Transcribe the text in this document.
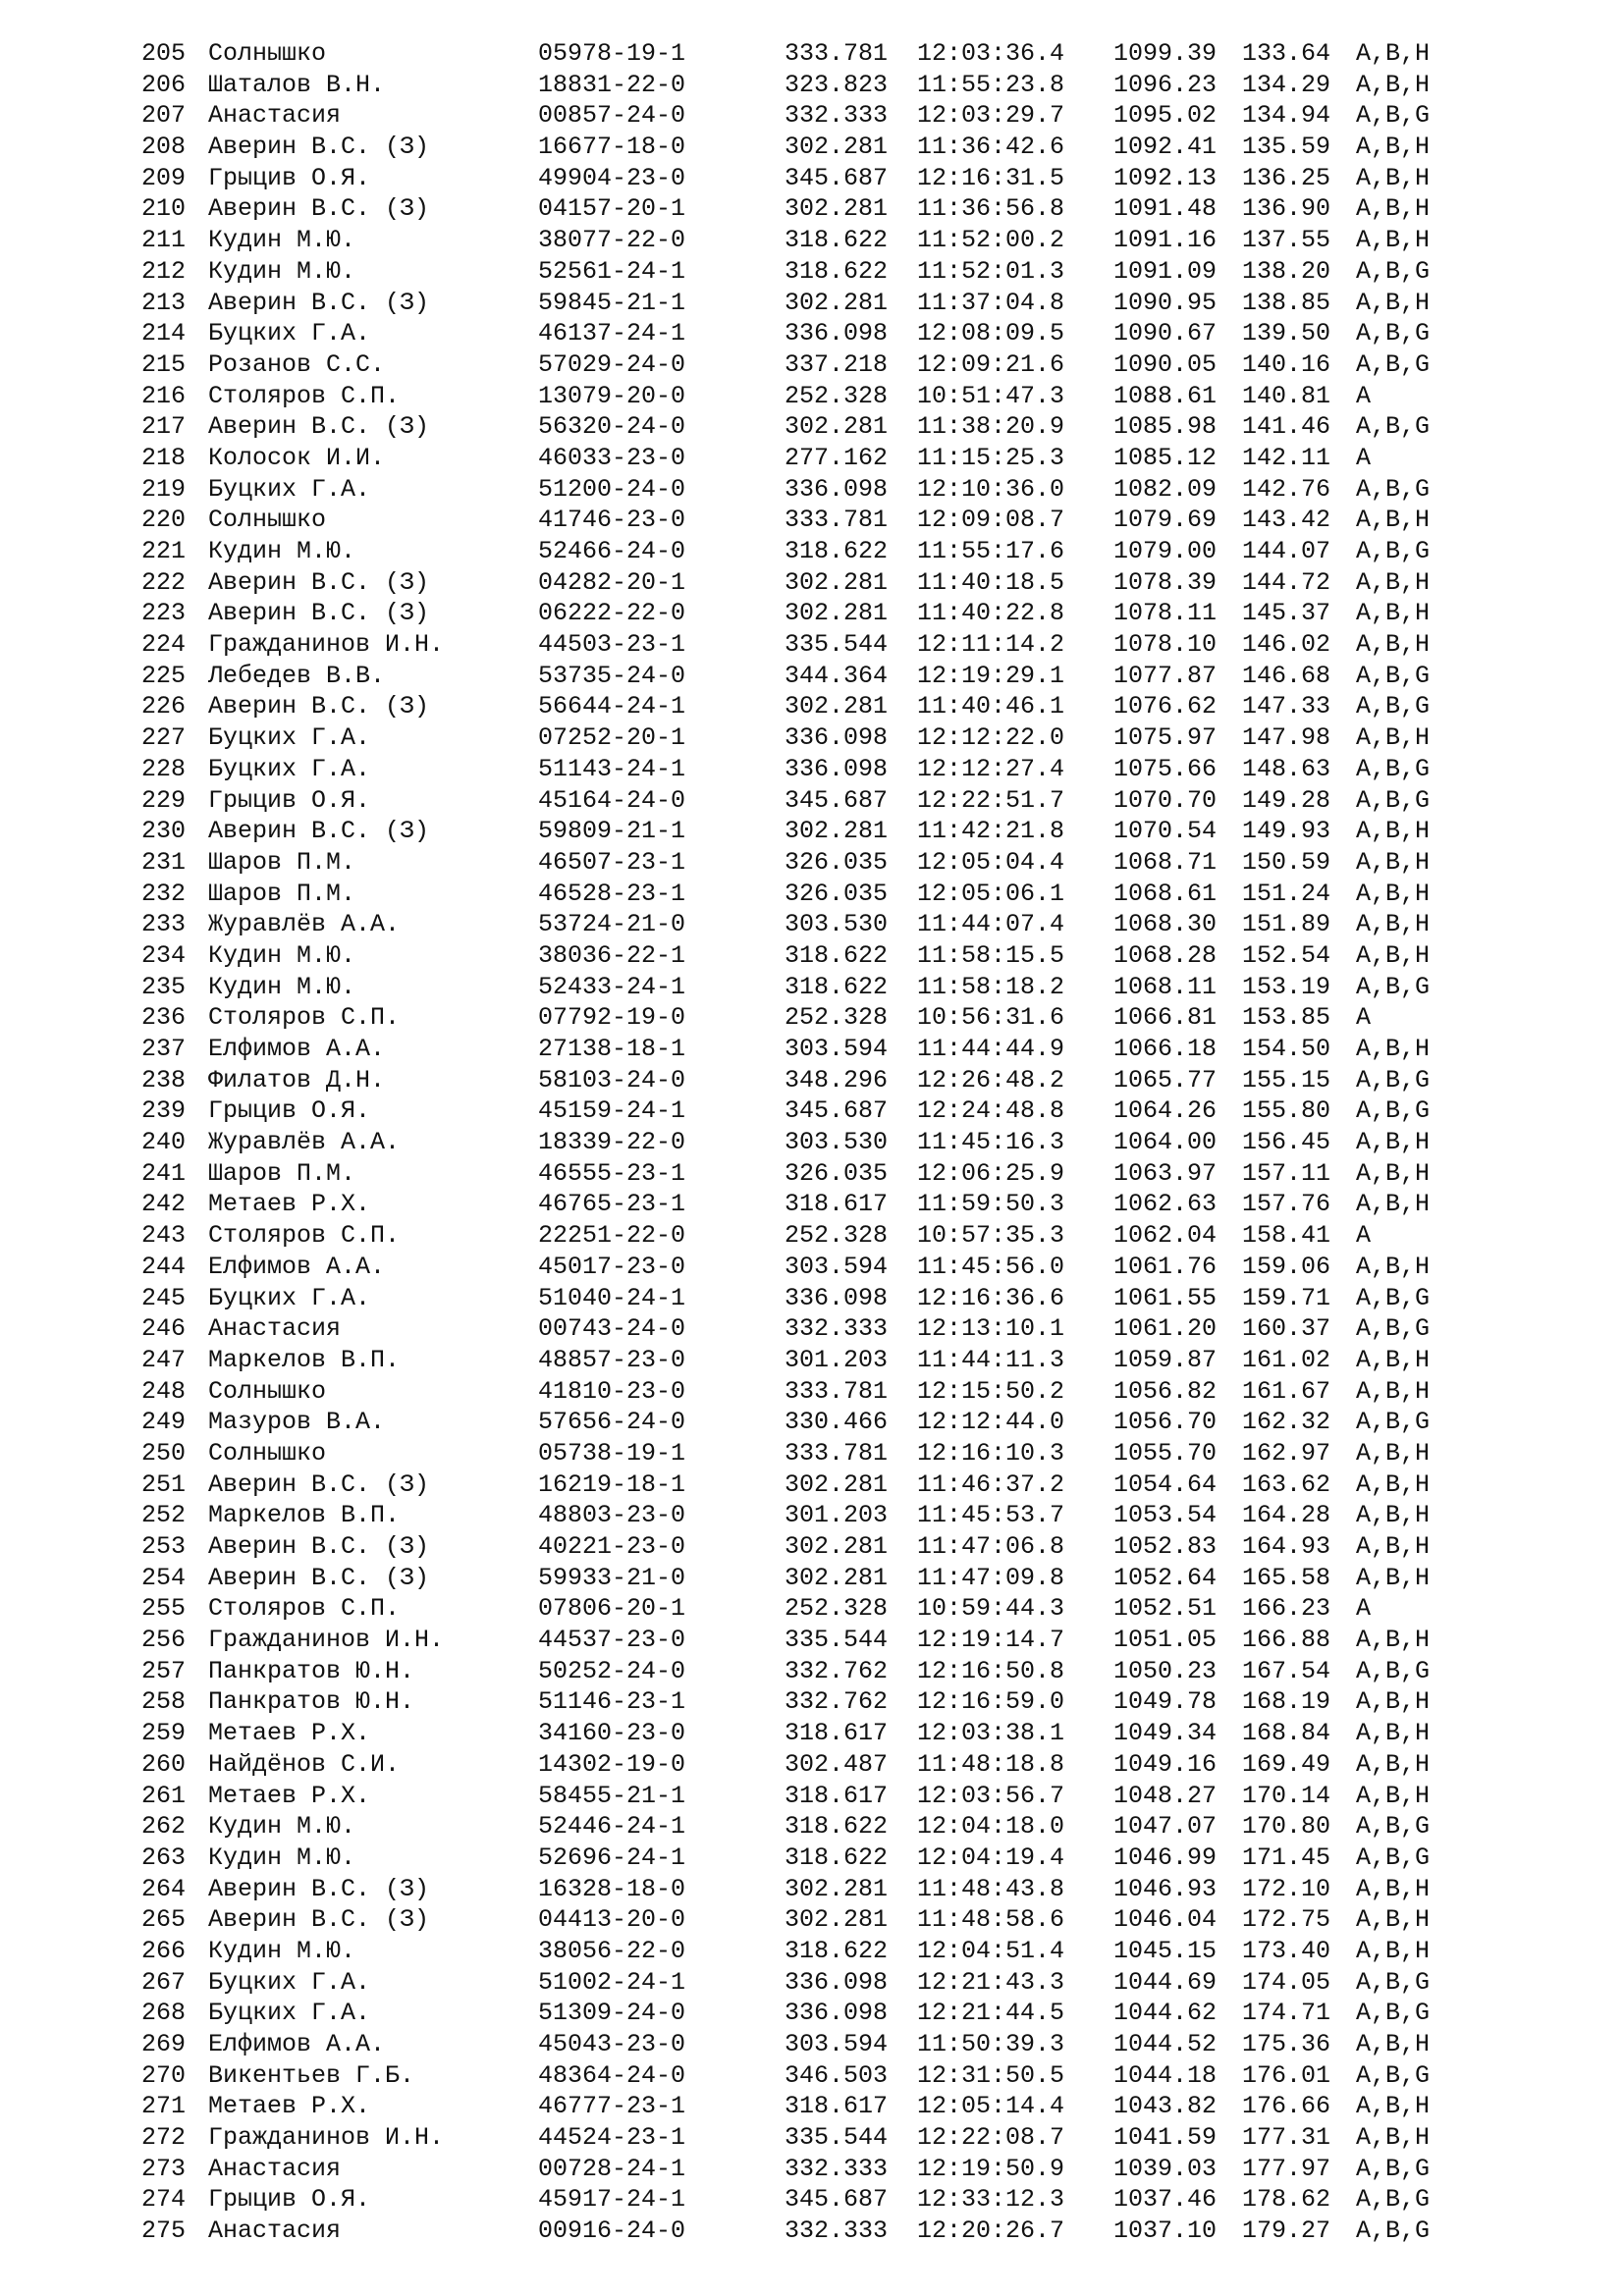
205 Солнышко	05978-19-1	333.781 12:03:36.4 1099.39 133.64 A,B,H
206 Шаталов В.Н.	18831-22-0	323.823 11:55:23.8 1096.23 134.29 A,B,H
207 Анастасия	00857-24-0	332.333 12:03:29.7 1095.02 134.94 A,B,G
208 Аверин В.С. (З)	16677-18-0	302.281 11:36:42.6 1092.41 135.59 A,B,H
209 Грыцив О.Я.	49904-23-0	345.687 12:16:31.5 1092.13 136.25 A,B,H
210 Аверин В.С. (З)	04157-20-1	302.281 11:36:56.8 1091.48 136.90 A,B,H
211 Кудин М.Ю.	38077-22-0	318.622 11:52:00.2 1091.16 137.55 A,B,H
212 Кудин М.Ю.	52561-24-1	318.622 11:52:01.3 1091.09 138.20 A,B,G
213 Аверин В.С. (З)	59845-21-1	302.281 11:37:04.8 1090.95 138.85 A,B,H
214 Буцких Г.А.	46137-24-1	336.098 12:08:09.5 1090.67 139.50 A,B,G
215 Розанов С.С.	57029-24-0	337.218 12:09:21.6 1090.05 140.16 A,B,G
216 Столяров С.П.	13079-20-0	252.328 10:51:47.3 1088.61 140.81 A
217 Аверин В.С. (З)	56320-24-0	302.281 11:38:20.9 1085.98 141.46 A,B,G
218 Колосок И.И.	46033-23-0	277.162 11:15:25.3 1085.12 142.11 A
219 Буцких Г.А.	51200-24-0	336.098 12:10:36.0 1082.09 142.76 A,B,G
220 Солнышко	41746-23-0	333.781 12:09:08.7 1079.69 143.42 A,B,H
221 Кудин М.Ю.	52466-24-0	318.622 11:55:17.6 1079.00 144.07 A,B,G
222 Аверин В.С. (З)	04282-20-1	302.281 11:40:18.5 1078.39 144.72 A,B,H
223 Аверин В.С. (З)	06222-22-0	302.281 11:40:22.8 1078.11 145.37 A,B,H
224 Гражданинов И.Н.	44503-23-1	335.544 12:11:14.2 1078.10 146.02 A,B,H
225 Лебедев В.В.	53735-24-0	344.364 12:19:29.1 1077.87 146.68 A,B,G
226 Аверин В.С. (З)	56644-24-1	302.281 11:40:46.1 1076.62 147.33 A,B,G
227 Буцких Г.А.	07252-20-1	336.098 12:12:22.0 1075.97 147.98 A,B,H
228 Буцких Г.А.	51143-24-1	336.098 12:12:27.4 1075.66 148.63 A,B,G
229 Грыцив О.Я.	45164-24-0	345.687 12:22:51.7 1070.70 149.28 A,B,G
230 Аверин В.С. (З)	59809-21-1	302.281 11:42:21.8 1070.54 149.93 A,B,H
231 Шаров П.М.	46507-23-1	326.035 12:05:04.4 1068.71 150.59 A,B,H
232 Шаров П.М.	46528-23-1	326.035 12:05:06.1 1068.61 151.24 A,B,H
233 Журавлёв А.А.	53724-21-0	303.530 11:44:07.4 1068.30 151.89 A,B,H
234 Кудин М.Ю.	38036-22-1	318.622 11:58:15.5 1068.28 152.54 A,B,H
235 Кудин М.Ю.	52433-24-1	318.622 11:58:18.2 1068.11 153.19 A,B,G
236 Столяров С.П.	07792-19-0	252.328 10:56:31.6 1066.81 153.85 A
237 Елфимов А.А.	27138-18-1	303.594 11:44:44.9 1066.18 154.50 A,B,H
238 Филатов Д.Н.	58103-24-0	348.296 12:26:48.2 1065.77 155.15 A,B,G
239 Грыцив О.Я.	45159-24-1	345.687 12:24:48.8 1064.26 155.80 A,B,G
240 Журавлёв А.А.	18339-22-0	303.530 11:45:16.3 1064.00 156.45 A,B,H
241 Шаров П.М.	46555-23-1	326.035 12:06:25.9 1063.97 157.11 A,B,H
242 Метаев Р.Х.	46765-23-1	318.617 11:59:50.3 1062.63 157.76 A,B,H
243 Столяров С.П.	22251-22-0	252.328 10:57:35.3 1062.04 158.41 A
244 Елфимов А.А.	45017-23-0	303.594 11:45:56.0 1061.76 159.06 A,B,H
245 Буцких Г.А.	51040-24-1	336.098 12:16:36.6 1061.55 159.71 A,B,G
246 Анастасия	00743-24-0	332.333 12:13:10.1 1061.20 160.37 A,B,G
247 Маркелов В.П.	48857-23-0	301.203 11:44:11.3 1059.87 161.02 A,B,H
248 Солнышко	41810-23-0	333.781 12:15:50.2 1056.82 161.67 A,B,H
249 Мазуров В.А.	57656-24-0	330.466 12:12:44.0 1056.70 162.32 A,B,G
250 Солнышко	05738-19-1	333.781 12:16:10.3 1055.70 162.97 A,B,H
251 Аверин В.С. (З)	16219-18-1	302.281 11:46:37.2 1054.64 163.62 A,B,H
252 Маркелов В.П.	48803-23-0	301.203 11:45:53.7 1053.54 164.28 A,B,H
253 Аверин В.С. (З)	40221-23-0	302.281 11:47:06.8 1052.83 164.93 A,B,H
254 Аверин В.С. (З)	59933-21-0	302.281 11:47:09.8 1052.64 165.58 A,B,H
255 Столяров С.П.	07806-20-1	252.328 10:59:44.3 1052.51 166.23 A
256 Гражданинов И.Н.	44537-23-0	335.544 12:19:14.7 1051.05 166.88 A,B,H
257 Панкратов Ю.Н.	50252-24-0	332.762 12:16:50.8 1050.23 167.54 A,B,G
258 Панкратов Ю.Н.	51146-23-1	332.762 12:16:59.0 1049.78 168.19 A,B,H
259 Метаев Р.Х.	34160-23-0	318.617 12:03:38.1 1049.34 168.84 A,B,H
260 Найдёнов С.И.	14302-19-0	302.487 11:48:18.8 1049.16 169.49 A,B,H
261 Метаев Р.Х.	58455-21-1	318.617 12:03:56.7 1048.27 170.14 A,B,H
262 Кудин М.Ю.	52446-24-1	318.622 12:04:18.0 1047.07 170.80 A,B,G
263 Кудин М.Ю.	52696-24-1	318.622 12:04:19.4 1046.99 171.45 A,B,G
264 Аверин В.С. (З)	16328-18-0	302.281 11:48:43.8 1046.93 172.10 A,B,H
265 Аверин В.С. (З)	04413-20-0	302.281 11:48:58.6 1046.04 172.75 A,B,H
266 Кудин М.Ю.	38056-22-0	318.622 12:04:51.4 1045.15 173.40 A,B,H
267 Буцких Г.А.	51002-24-1	336.098 12:21:43.3 1044.69 174.05 A,B,G
268 Буцких Г.А.	51309-24-0	336.098 12:21:44.5 1044.62 174.71 A,B,G
269 Елфимов А.А.	45043-23-0	303.594 11:50:39.3 1044.52 175.36 A,B,H
270 Викентьев Г.Б.	48364-24-0	346.503 12:31:50.5 1044.18 176.01 A,B,G
271 Метаев Р.Х.	46777-23-1	318.617 12:05:14.4 1043.82 176.66 A,B,H
272 Гражданинов И.Н.	44524-23-1	335.544 12:22:08.7 1041.59 177.31 A,B,H
273 Анастасия	00728-24-1	332.333 12:19:50.9 1039.03 177.97 A,B,G
274 Грыцив О.Я.	45917-24-1	345.687 12:33:12.3 1037.46 178.62 A,B,G
275 Анастасия	00916-24-0	332.333 12:20:26.7 1037.10 179.27 A,B,G
